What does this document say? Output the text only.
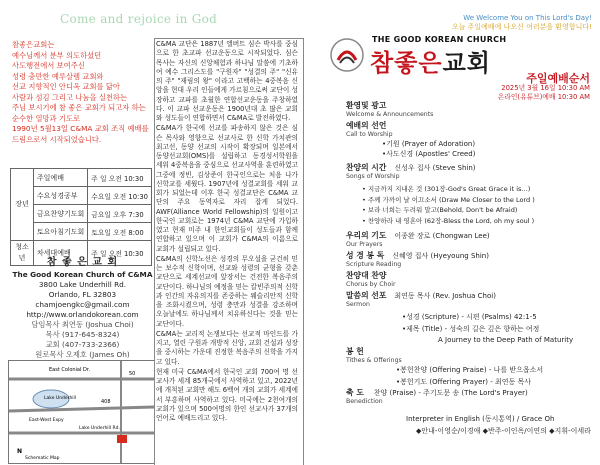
Come and rejoice in God
참좋은교회는
예수님께서 분부 의도하셨던
사도행전에서 보여주신
성령 충만한 예루살렘 교회와
선교 지향적인 안디옥 교회를 닮아
사람과 섬김 그리고 나눔을 실천하는
주님 보시기에 참 좋은 교회가 되고자 하는
순수한 열망과 기도로
1990년 5월13일 C&MA 교회 조직 예배를
드림으로서 시작되었습니다.
장년	주일예배	주 일 오전 10:30
	수요성경공부	수요일 오전 10:30
	금요찬양기도회	금요일 오후 7:30
	토요아침기도회	토요일 오전 8:00
청소년	차세대예배	주 일 오전 10:30
참 좋 은 교 회
The Good Korean Church of C&MA
3800 Lake Underhill Rd.
Orlando, FL 32803
chamjoengkc@gmail.com
http://www.orlandokorean.com
담임목사 최연동 (Joshua Choi)
목사 (917-645-8324)
교회 (407-733-2366)
원로목사 오제호 (James Oh)
East Colonial Dr.
Lake Underhill
East-West Expy
Lake Underhill Rd.
408
50
N
Schematic Map

C&MA 교단은 1887년 앨버트 심슨 박사를 중심으로 한 초교파 선교운동으로 시작되었다. 심슨 목사는 자신의 신앙체험과 하나님 말씀에 기초하여 예수 그리스도를 "구원자" "성결의 주" "신유의 주" "재림의 왕" 이라고 고백하는 4중복음 신앙을 현대 우리 인들에게 가르침으로써 교단이 성장하고 교파를 초월한 연합선교운동을 주창하였다. 이 교파 선교운동은 1900년대 초 많은 교회와 성도들이 연합하면서 C&MA로 발전하였다.

C&MA가 한국에 선교를 파송하지 않은 것은 심슨 목사와 영향으로 선교사로 한 신학 가치관의 최고선, 동양 선교의 시작이 확장되며 일본에서 동양선교회(OMS)를 설립하고 동경성서학원을 세워 4중복음을 중심으로 선교사역을 훈련하였고 그중에 정빈, 김상준이 한국인으로는 처음 나가 신학교를 세웠다. 1907년에 성결교회를 세워 교회가 되었는데 이후 한국 성결교단은 C&MA 교단의 주요 동역자로 자리 잡게 되었다. AWF(Alliance World Fellowship)의 일원이고 한국인 교회로는 1974년 C&MA 교단에 가입하였고 현재 미주 내 한인교회들이 성도들과 함께 연합하고 있으며 이 교회가 C&MA의 이름으로 교회가 설립되고 있다.

C&MA의 신학노선은 성경의 무오설을 굳건히 믿는 보수적 신학이며, 선교와 성령의 균형을 갖춘 교단으로 세계선교에 앞장서는 건전한 복음주의 교단이다. 하나님의 예정을 믿는 칼빈주의적 신학과 인간의 자유의지를 존중하는 웨슬리안적 신학을 조화시켰으며, 성령 충만과 성결을 강조하며 오늘날에도 하나님께서 치유하신다는 것을 믿는 교단이다.

C&MA는 교리적 논쟁보다는 선교적 마인드를 가지고, 열린 구원과 개방적 신앙, 교회 건설과 성장을 중시하는 가운데 진정한 복음주의 신학을 가지고 있다.

현재 미국 C&MA에서 한국인 교회 700여 명 선교사가 세계 85개국에서 사역하고 있고, 2022년에 개척된 교회만 해도 6백여 개의 교회가 세계에서 부흥하며 사역하고 있다. 미국에는 2천여개의 교회가 있으며 500여명의 한인 선교사가 37개의 언어로 예배드리고 있다.

We Welcome You on This Lord's Day!
오늘 주일예배에 나오신 여러분을 환영합니다!
THE GOOD KOREAN CHURCH
참좋은교회
주일예배순서
2025년 3월 16일 10:30 AM
온라인(유튜브)예배 10:30 AM
환영및 광고
Welcome & Announcements
예배의 선언
Call to Worship
•기원 (Prayer of Adoration)
•사도신경 (Apostles' Creed)
찬양의 시간 신성우 집사 (Steve Shin)
Songs of Worship
• 지금까지 지내온 것 (301장-God's Great Grace it is…)
• 주께 가까이 날 이끄소서 (Draw Me Closer to the Lord )
• 보라 너희는 두려워 말고(Behold, Don't be Afraid)
• 찬양하라 내 영혼아 (62장-Bless the Lord, oh my soul )
우리의 기도 이종완 장로 (Chongwan Lee)
Our Prayers
성 경 봉 독 신혜영 집사 (Hyeyoung Shin)
Scripture Reading
찬양대 찬양
Chorus by Choir
말씀의 선포 최연동 목사 (Rev. Joshua Choi)
Sermon
•성경 (Scripture) - 시편 (Psalms) 42:1-5
•제목 (Title) - 성숙의 길은 깊은 향하는 여정
A Journey to the Deep Path of Maturity
봉 헌
Tithes & Offerings
•봉헌찬양 (Offering Praise) - 나를 받으옵소서
•봉헌기도 (Offering Prayer) - 최연동 목사
축 도 찬양 (Praise) - 주기도문 송 (The Lord's Prayer)
Benediction
Interpreter in English (동시통역) / Grace Oh
◆안내-이영순/이경애 ◆반주-이인옥/이연의 ◆지휘-이세라
